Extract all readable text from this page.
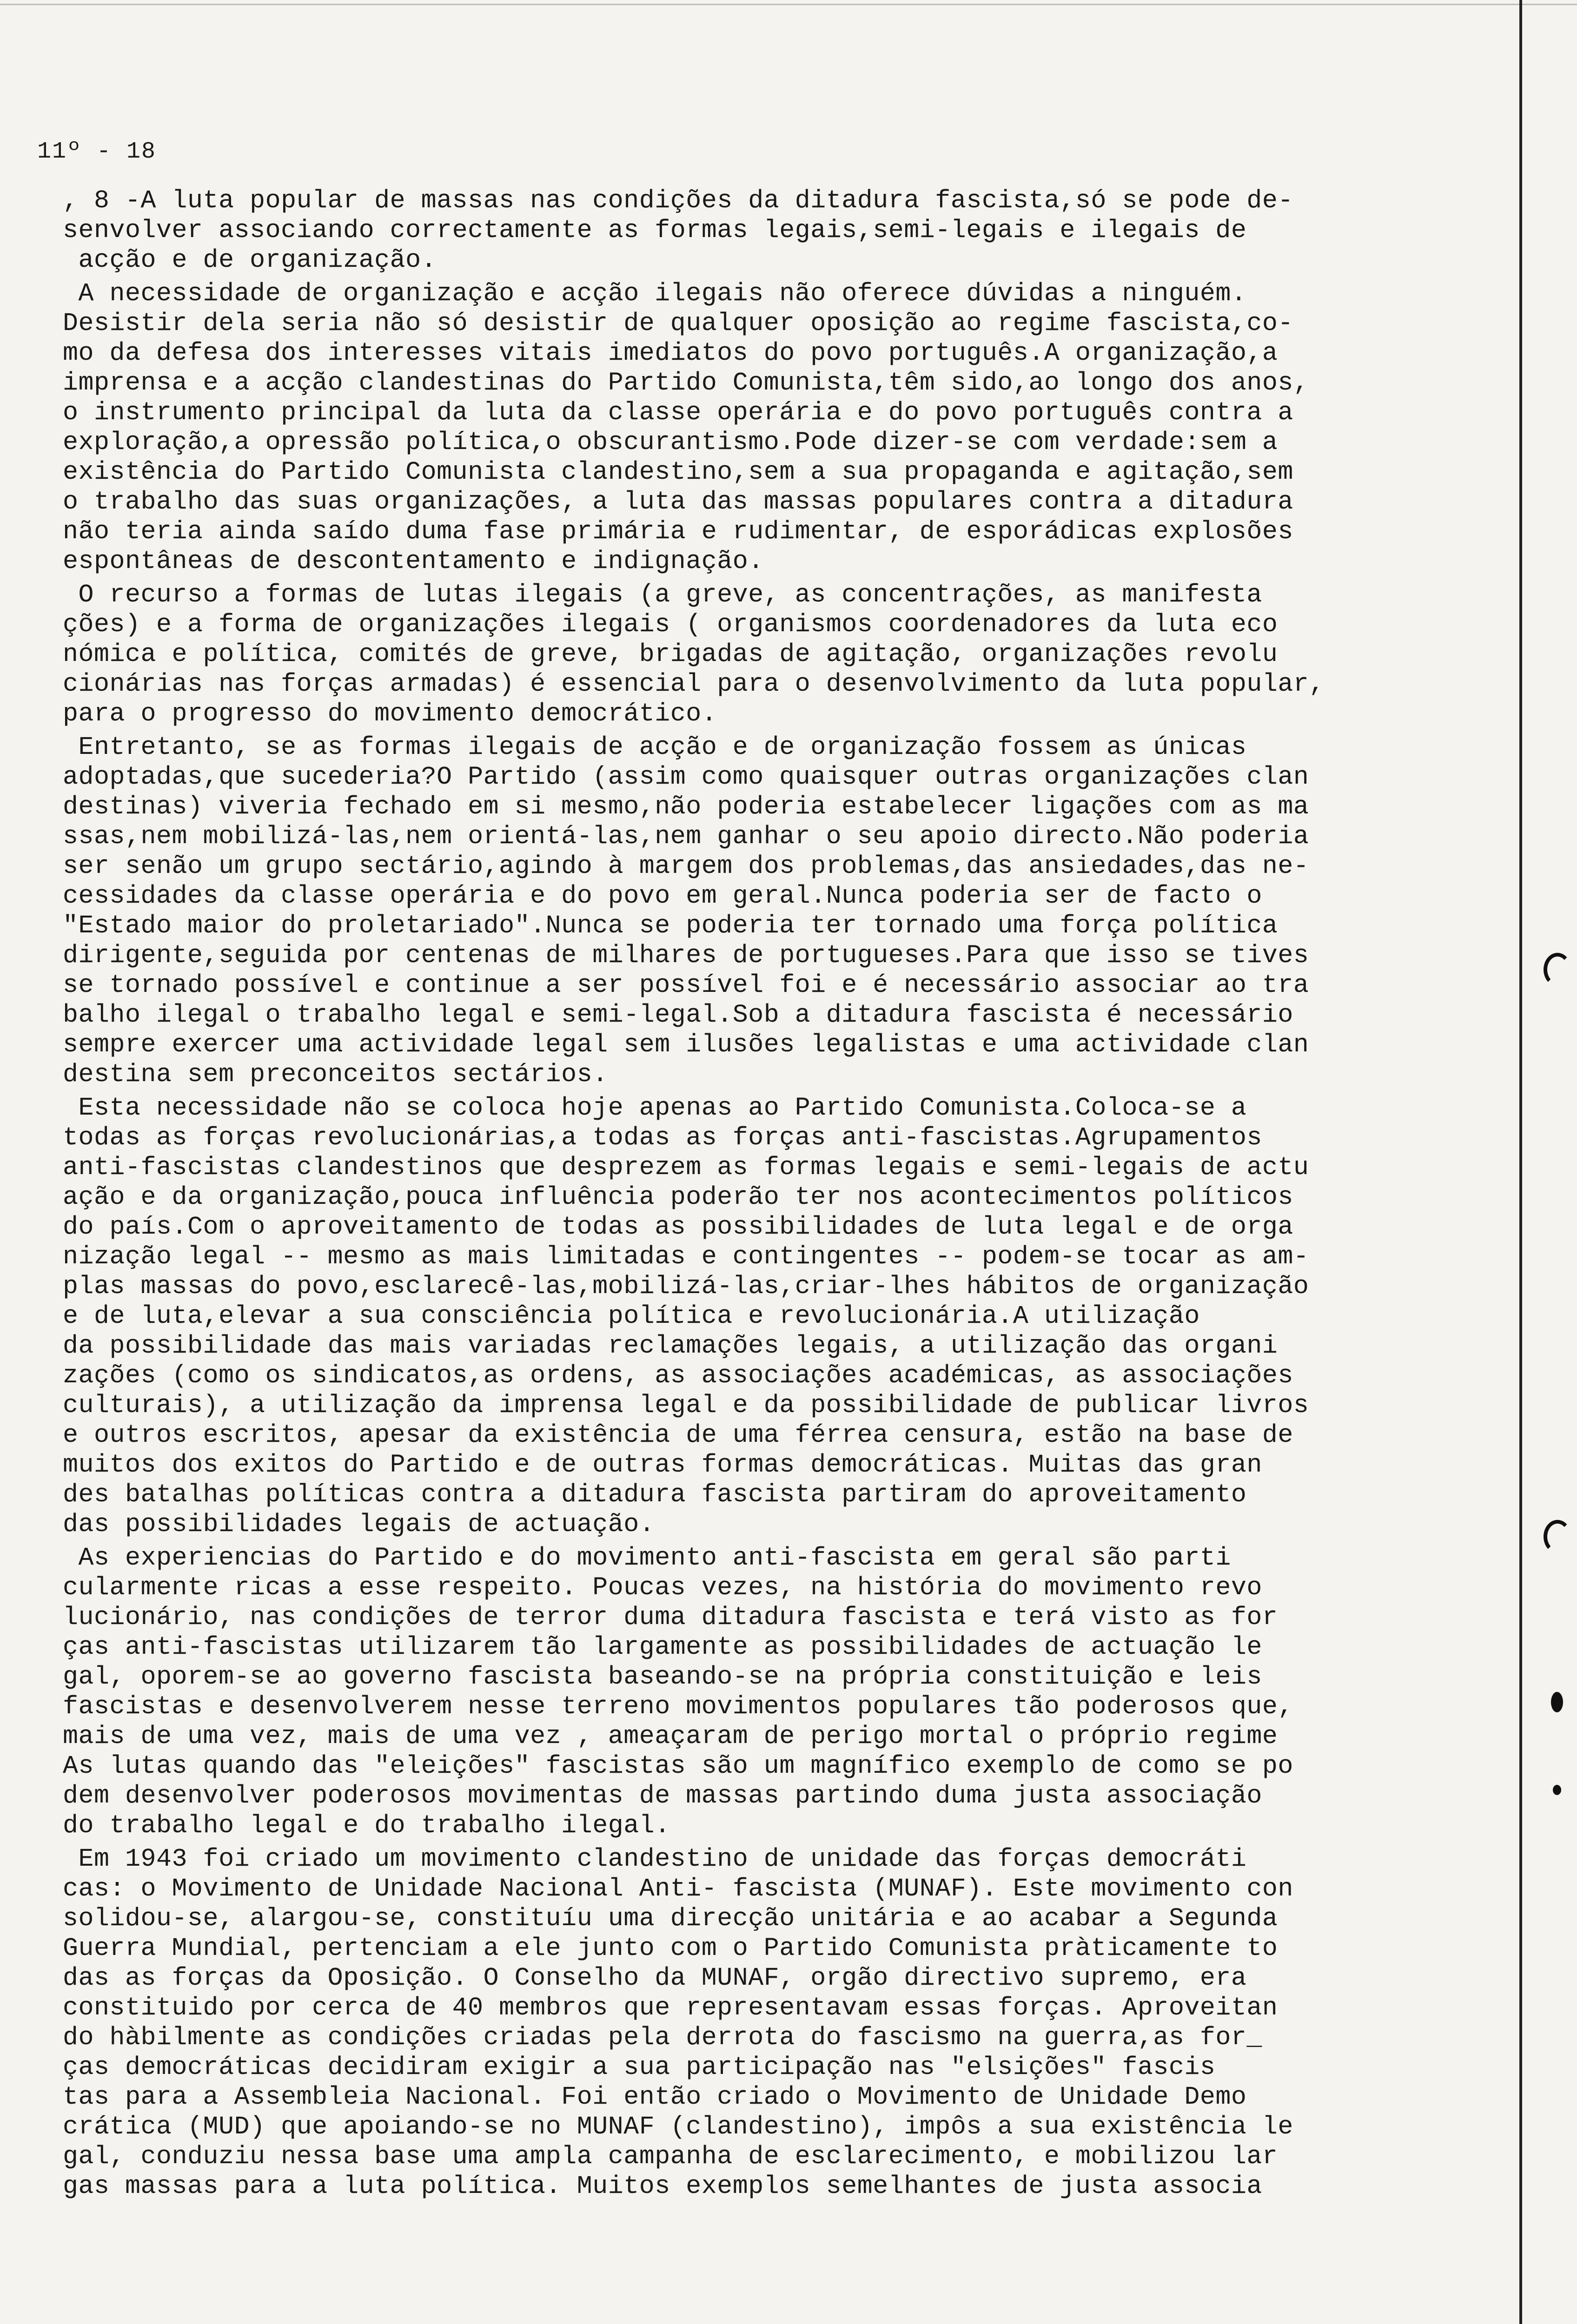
11º - 18
, 8 -A luta popular de massas nas condições da ditadura fascista,só se pode de-
senvolver associando correctamente as formas legais,semi-legais e ilegais de
acção e de organização.
A necessidade de organização e acção ilegais não oferece dúvidas a ninguém.
Desistir dela seria não só desistir de qualquer oposição ao regime fascista,co-
mo da defesa dos interesses vitais imediatos do povo português.A organização,a
imprensa e a acção clandestinas do Partido Comunista,têm sido,ao longo dos anos,
o instrumento principal da luta da classe operária e do povo português contra a
exploração,a opressão política,o obscurantismo.Pode dizer-se com verdade:sem a
existência do Partido Comunista clandestino,sem a sua propaganda e agitação,sem
o trabalho das suas organizações, a luta das massas populares contra a ditadura
não teria ainda saído duma fase primária e rudimentar, de esporádicas explosões
espontâneas de descontentamento e indignação.
O recurso a formas de lutas ilegais (a greve, as concentrações, as manifesta
ções) e a forma de organizações ilegais ( organismos coordenadores da luta eco
nómica e política, comités de greve, brigadas de agitação, organizações revolu
cionárias nas forças armadas) é essencial para o desenvolvimento da luta popular,
para o progresso do movimento democrático.
Entretanto, se as formas ilegais de acção e de organização fossem as únicas
adoptadas,que sucederia?O Partido (assim como quaisquer outras organizações clan
destinas) viveria fechado em si mesmo,não poderia estabelecer ligações com as ma
ssas,nem mobilizá-las,nem orientá-las,nem ganhar o seu apoio directo.Não poderia
ser senão um grupo sectário,agindo à margem dos problemas,das ansiedades,das ne-
cessidades da classe operária e do povo em geral.Nunca poderia ser de facto o
"Estado maior do proletariado".Nunca se poderia ter tornado uma força política
dirigente,seguida por centenas de milhares de portugueses.Para que isso se tives
se tornado possível e continue a ser possível foi e é necessário associar ao tra
balho ilegal o trabalho legal e semi-legal.Sob a ditadura fascista é necessário
sempre exercer uma actividade legal sem ilusões legalistas e uma actividade clan
destina sem preconceitos sectários.
Esta necessidade não se coloca hoje apenas ao Partido Comunista.Coloca-se a
todas as forças revolucionárias,a todas as forças anti-fascistas.Agrupamentos
anti-fascistas clandestinos que desprezem as formas legais e semi-legais de actu
ação e da organização,pouca influência poderão ter nos acontecimentos políticos
do país.Com o aproveitamento de todas as possibilidades de luta legal e de orga
nização legal -- mesmo as mais limitadas e contingentes -- podem-se tocar as am-
plas massas do povo,esclarecê-las,mobilizá-las,criar-lhes hábitos de organização
e de luta,elevar a sua consciência política e revolucionária.A utilização
da possibilidade das mais variadas reclamações legais, a utilização das organi
zações (como os sindicatos,as ordens, as associações académicas, as associações
culturais), a utilização da imprensa legal e da possibilidade de publicar livros
e outros escritos, apesar da existência de uma férrea censura, estão na base de
muitos dos exitos do Partido e de outras formas democráticas. Muitas das gran
des batalhas políticas contra a ditadura fascista partiram do aproveitamento
das possibilidades legais de actuação.
As experiencias do Partido e do movimento anti-fascista em geral são parti
cularmente ricas a esse respeito. Poucas vezes, na história do movimento revo
lucionário, nas condições de terror duma ditadura fascista e terá visto as for
ças anti-fascistas utilizarem tão largamente as possibilidades de actuação le
gal, oporem-se ao governo fascista baseando-se na própria constituição e leis
fascistas e desenvolverem nesse terreno movimentos populares tão poderosos que,
mais de uma vez, mais de uma vez , ameaçaram de perigo mortal o próprio regime
As lutas quando das "eleições" fascistas são um magnífico exemplo de como se po
dem desenvolver poderosos movimentas de massas partindo duma justa associação
do trabalho legal e do trabalho ilegal.
Em 1943 foi criado um movimento clandestino de unidade das forças democráti
cas: o Movimento de Unidade Nacional Anti- fascista (MUNAF). Este movimento con
solidou-se, alargou-se, constituíu uma direcção unitária e ao acabar a Segunda
Guerra Mundial, pertenciam a ele junto com o Partido Comunista pràticamente to
das as forças da Oposição. O Conselho da MUNAF, orgão directivo supremo, era
constituido por cerca de 40 membros que representavam essas forças. Aproveitan
do hàbilmente as condições criadas pela derrota do fascismo na guerra,as for_
ças democráticas decidiram exigir a sua participação nas "elsições" fascis
tas para a Assembleia Nacional. Foi então criado o Movimento de Unidade Demo
crática (MUD) que apoiando-se no MUNAF (clandestino), impôs a sua existência le
gal, conduziu nessa base uma ampla campanha de esclarecimento, e mobilizou lar
gas massas para a luta política. Muitos exemplos semelhantes de justa associa
